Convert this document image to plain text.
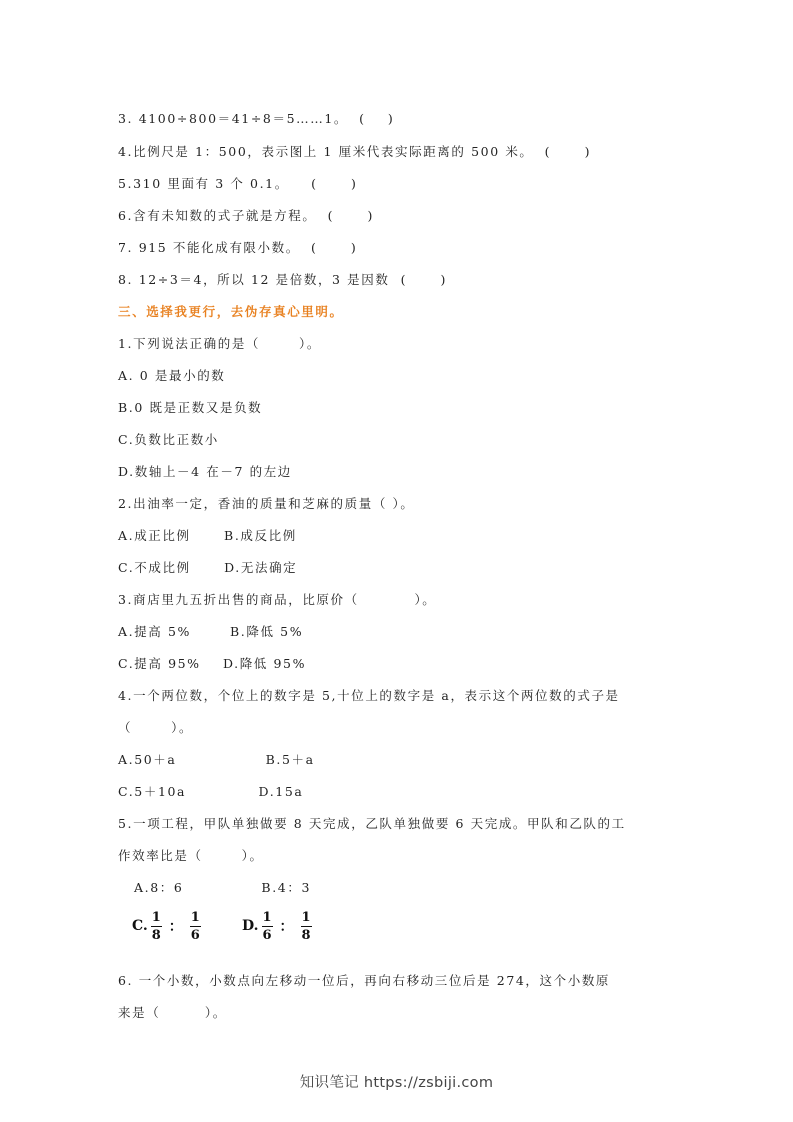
3. 4100÷800＝41÷8＝5……1。  (    )
4.比例尺是 1：500，表示图上 1 厘米代表实际距离的 500 米。  (      )
5.310 里面有 3 个 0.1。    (      )
6.含有未知数的式子就是方程。  (      )
7. 915 不能化成有限小数。  (      )
8. 12÷3＝4，所以 12 是倍数，3 是因数  (      )
三、选择我更行，去伪存真心里明。
1.下列说法正确的是（       ）。
A. 0 是最小的数
B.0 既是正数又是负数
C.负数比正数小
D.数轴上－4 在－7 的左边
2.出油率一定，香油的质量和芝麻的质量（ ）。
A.成正比例      B.成反比例
C.不成比例      D.无法确定
3.商店里九五折出售的商品，比原价（          ）。
A.提高 5%       B.降低 5%
C.提高 95%    D.降低 95%
4.一个两位数，个位上的数字是 5,十位上的数字是 a，表示这个两位数的式子是
（       ）。
A.50＋a                B.5＋a
C.5＋10a             D.15a
5.一项工程，甲队单独做要 8 天完成，乙队单独做要 6 天完成。甲队和乙队的工
作效率比是（       ）。
A.8：6              B.4：3
6. 一个小数，小数点向左移动一位后，再向右移动三位后是 274，这个小数原
来是（        ）。
C. $\frac{1}{8}$ ： $\frac{1}{6}$	D. $\frac{1}{6}$ ： $\frac{1}{8}$
知识笔记 https://zsbiji.com
